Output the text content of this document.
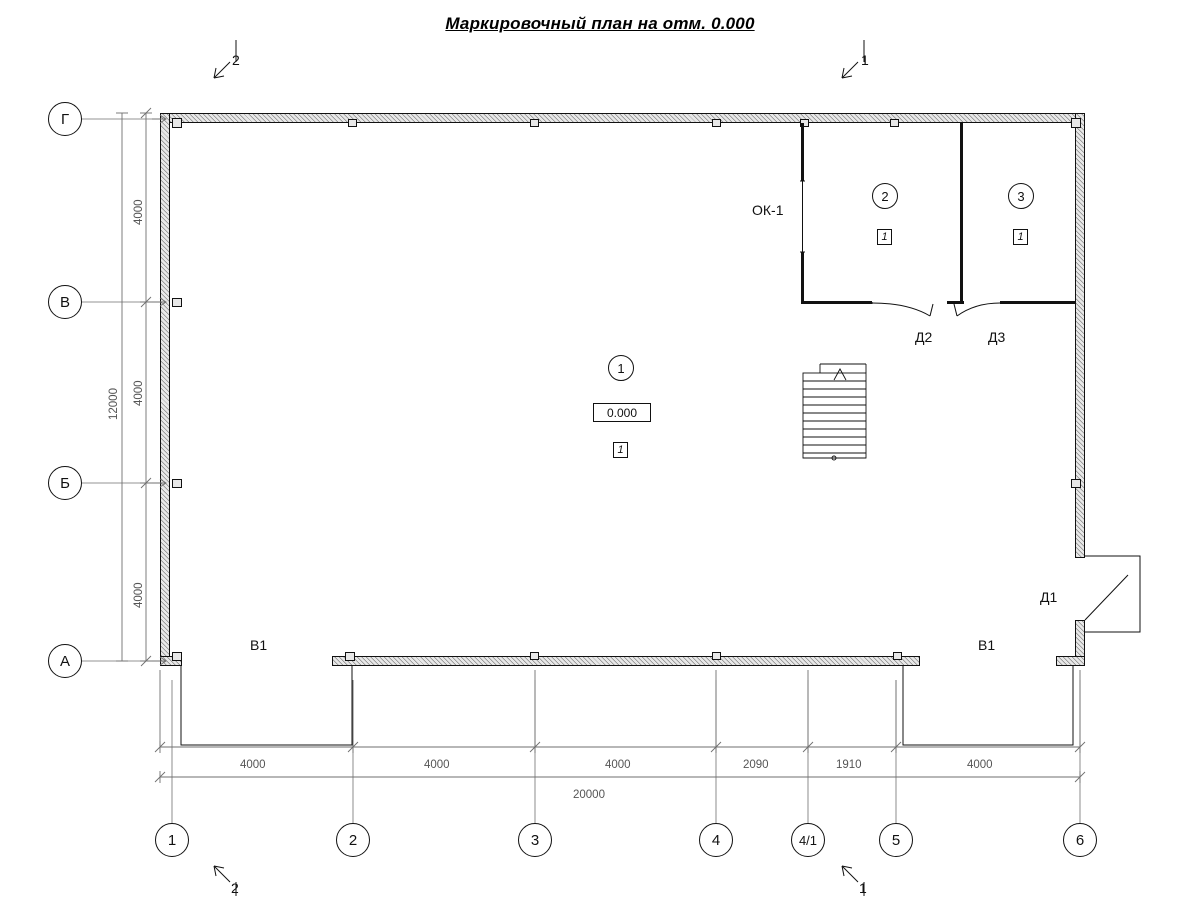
Маркировочный план на отм. 0.000
1
0.000
1
2
1
3
1
ОК-1
Д2	Д3
Д1
В1	В1
2	1
2	1
Г
В
Б
А
1	2	3	4	4/1	5	6
4000
4000
4000
12000
4000	4000	4000	2090	1910	4000
20000
